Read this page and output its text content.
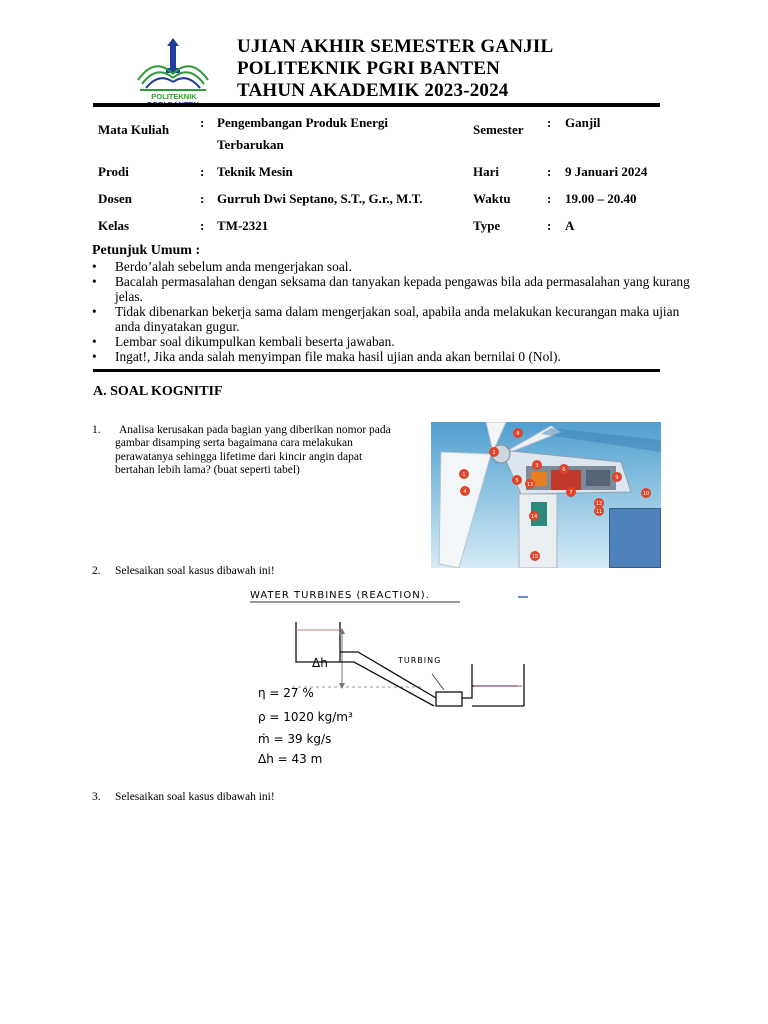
POLITEKNIK
UJIAN AKHIR SEMESTER GANJIL
POLITEKNIK PGRI BANTEN
TAHUN AKADEMIK 2023-2024
Mata Kuliah : Pengembangan Produk Energi
Terbarukan
Semester : Ganjil
Prodi	: Teknik Mesin	Hari	: 9 Januari 2024
Dosen	: Gurruh Dwi Septano, S.T., G.r., M.T.	Waktu	: 19.00 – 20.40
Kelas	: TM-2321	Type	: A
Petunjuk Umum :
• Berdo’alah sebelum anda mengerjakan soal.
• Bacalah permasalahan dengan seksama dan tanyakan kepada pengawas bila ada permasalahan yang kurang jelas.
• Tidak dibenarkan bekerja sama dalam mengerjakan soal, apabila anda melakukan kecurangan maka ujian anda dinyatakan gugur.
• Lembar soal dikumpulkan kembali beserta jawaban.
• Ingat!, Jika anda salah menyimpan file maka hasil ujian anda akan bernilai 0 (Nol).
A. SOAL KOGNITIF
1.	Analisa kerusakan pada bagian yang diberikan nomor pada gambar disamping serta bagaimana cara melakukan perawatanya sehingga lifetime dari kincir angin dapat bertahan lebih lama? (buat seperti tabel)	1
2
8
4
3
6
7
9
12
10
11
5
13
14
15
2. Selesaikan soal kasus dibawah ini!
WATER TURBINES (REACTION).
Δh	TURBING
η = 27 %
ρ = 1020 kg/m³
ṁ = 39 kg/s
Δh = 43 m
3. Selesaikan soal kasus dibawah ini!
